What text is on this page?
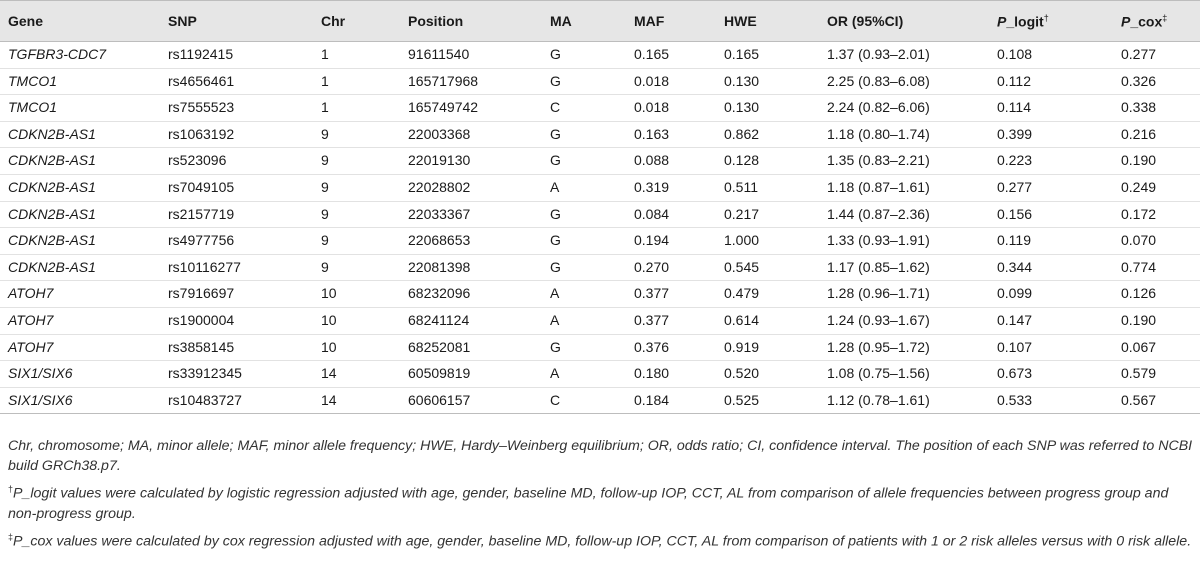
Gene	SNP	Chr	Position	MA	MAF	HWE	OR (95%CI)	P_logit†	P_cox‡
TGFBR3-CDC7	rs1192415	1	91611540	G	0.165	0.165	1.37 (0.93–2.01)	0.108	0.277
TMCO1	rs4656461	1	165717968	G	0.018	0.130	2.25 (0.83–6.08)	0.112	0.326
TMCO1	rs7555523	1	165749742	C	0.018	0.130	2.24 (0.82–6.06)	0.114	0.338
CDKN2B-AS1	rs1063192	9	22003368	G	0.163	0.862	1.18 (0.80–1.74)	0.399	0.216
CDKN2B-AS1	rs523096	9	22019130	G	0.088	0.128	1.35 (0.83–2.21)	0.223	0.190
CDKN2B-AS1	rs7049105	9	22028802	A	0.319	0.511	1.18 (0.87–1.61)	0.277	0.249
CDKN2B-AS1	rs2157719	9	22033367	G	0.084	0.217	1.44 (0.87–2.36)	0.156	0.172
CDKN2B-AS1	rs4977756	9	22068653	G	0.194	1.000	1.33 (0.93–1.91)	0.119	0.070
CDKN2B-AS1	rs10116277	9	22081398	G	0.270	0.545	1.17 (0.85–1.62)	0.344	0.774
ATOH7	rs7916697	10	68232096	A	0.377	0.479	1.28 (0.96–1.71)	0.099	0.126
ATOH7	rs1900004	10	68241124	A	0.377	0.614	1.24 (0.93–1.67)	0.147	0.190
ATOH7	rs3858145	10	68252081	G	0.376	0.919	1.28 (0.95–1.72)	0.107	0.067
SIX1/SIX6	rs33912345	14	60509819	A	0.180	0.520	1.08 (0.75–1.56)	0.673	0.579
SIX1/SIX6	rs10483727	14	60606157	C	0.184	0.525	1.12 (0.78–1.61)	0.533	0.567

Chr, chromosome; MA, minor allele; MAF, minor allele frequency; HWE, Hardy–Weinberg equilibrium; OR, odds ratio; CI, confidence interval. The position of each SNP was referred to NCBI build GRCh38.p7.

†P_logit values were calculated by logistic regression adjusted with age, gender, baseline MD, follow-up IOP, CCT, AL from comparison of allele frequencies between progress group and non-progress group.

‡P_cox values were calculated by cox regression adjusted with age, gender, baseline MD, follow-up IOP, CCT, AL from comparison of patients with 1 or 2 risk alleles versus with 0 risk allele.
